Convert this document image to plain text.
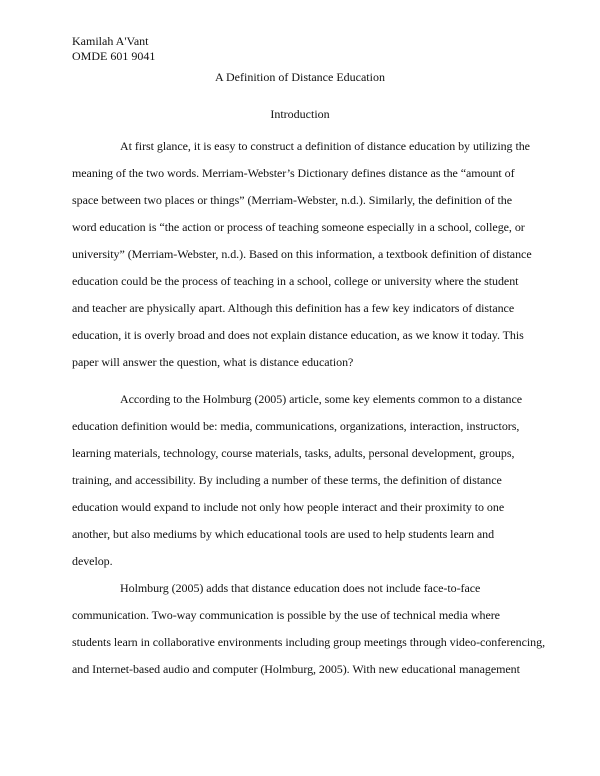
Kamilah A'Vant
OMDE 601 9041
A Definition of Distance Education
Introduction
At first glance, it is easy to construct a definition of distance education by utilizing the
meaning of the two words. Merriam-Webster’s Dictionary defines distance as the “amount of
space between two places or things” (Merriam-Webster, n.d.). Similarly, the definition of the
word education is “the action or process of teaching someone especially in a school, college, or
university” (Merriam-Webster, n.d.). Based on this information, a textbook definition of distance
education could be the process of teaching in a school, college or university where the student
and teacher are physically apart. Although this definition has a few key indicators of distance
education, it is overly broad and does not explain distance education, as we know it today. This
paper will answer the question, what is distance education?
According to the Holmburg (2005) article, some key elements common to a distance
education definition would be: media, communications, organizations, interaction, instructors,
learning materials, technology, course materials, tasks, adults, personal development, groups,
training, and accessibility. By including a number of these terms, the definition of distance
education would expand to include not only how people interact and their proximity to one
another, but also mediums by which educational tools are used to help students learn and
develop.
Holmburg (2005) adds that distance education does not include face-to-face
communication. Two-way communication is possible by the use of technical media where
students learn in collaborative environments including group meetings through video-conferencing,
and Internet-based audio and computer (Holmburg, 2005). With new educational management
